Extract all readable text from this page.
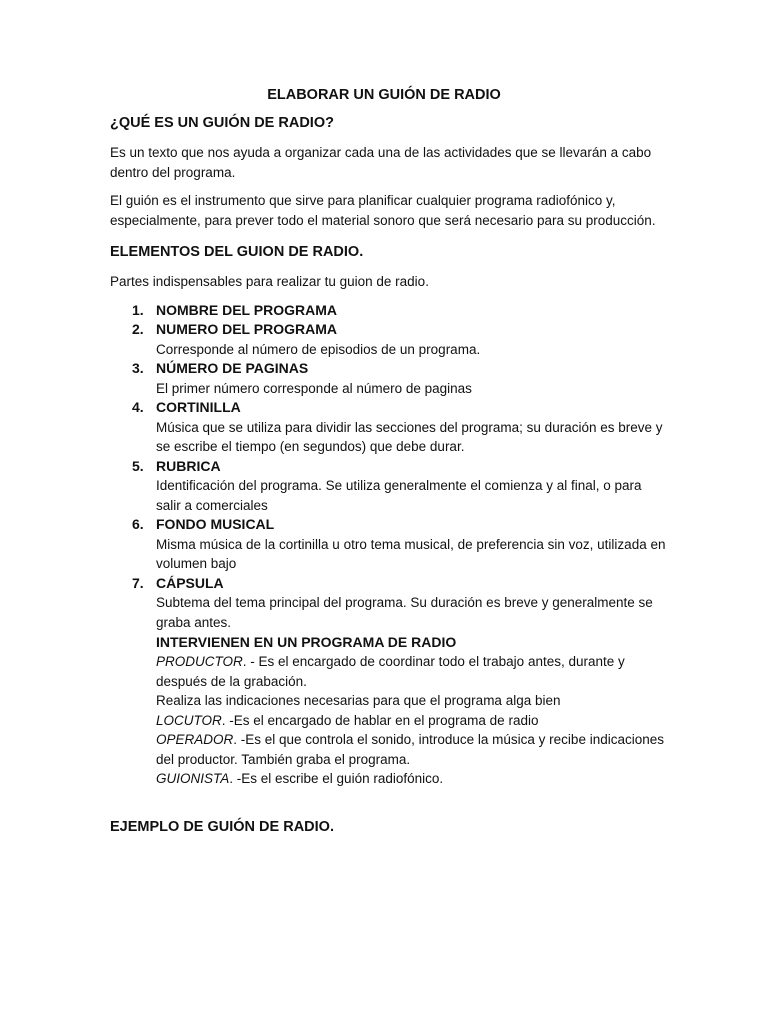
ELABORAR UN GUIÓN DE RADIO
¿QUÉ ES UN GUIÓN DE RADIO?

Es un texto que nos ayuda a organizar cada una de las actividades que se llevarán a cabo dentro del programa.

El guión es el instrumento que sirve para planificar cualquier programa radiofónico y, especialmente, para prever todo el material sonoro que será necesario para su producción.

ELEMENTOS DEL GUION DE RADIO.

Partes indispensables para realizar tu guion de radio.

1. NOMBRE DEL PROGRAMA
2. NUMERO DEL PROGRAMA
Corresponde al número de episodios de un programa.
3. NÚMERO DE PAGINAS
El primer número corresponde al número de paginas
4. CORTINILLA
Música que se utiliza para dividir las secciones del programa; su duración es breve y se escribe el tiempo (en segundos) que debe durar.
5. RUBRICA
Identificación del programa. Se utiliza generalmente el comienza y al final, o para salir a comerciales
6. FONDO MUSICAL
Misma música de la cortinilla u otro tema musical, de preferencia sin voz, utilizada en volumen bajo
7. CÁPSULA
Subtema del tema principal del programa. Su duración es breve y generalmente se graba antes.
INTERVIENEN EN UN PROGRAMA DE RADIO

PRODUCTOR. - Es el encargado de coordinar todo el trabajo antes, durante y después de la grabación.

Realiza las indicaciones necesarias para que el programa alga bien

LOCUTOR. -Es el encargado de hablar en el programa de radio

OPERADOR. -Es el que controla el sonido, introduce la música y recibe indicaciones del productor. También graba el programa.

GUIONISTA. -Es el escribe el guión radiofónico.

EJEMPLO DE GUIÓN DE RADIO.
